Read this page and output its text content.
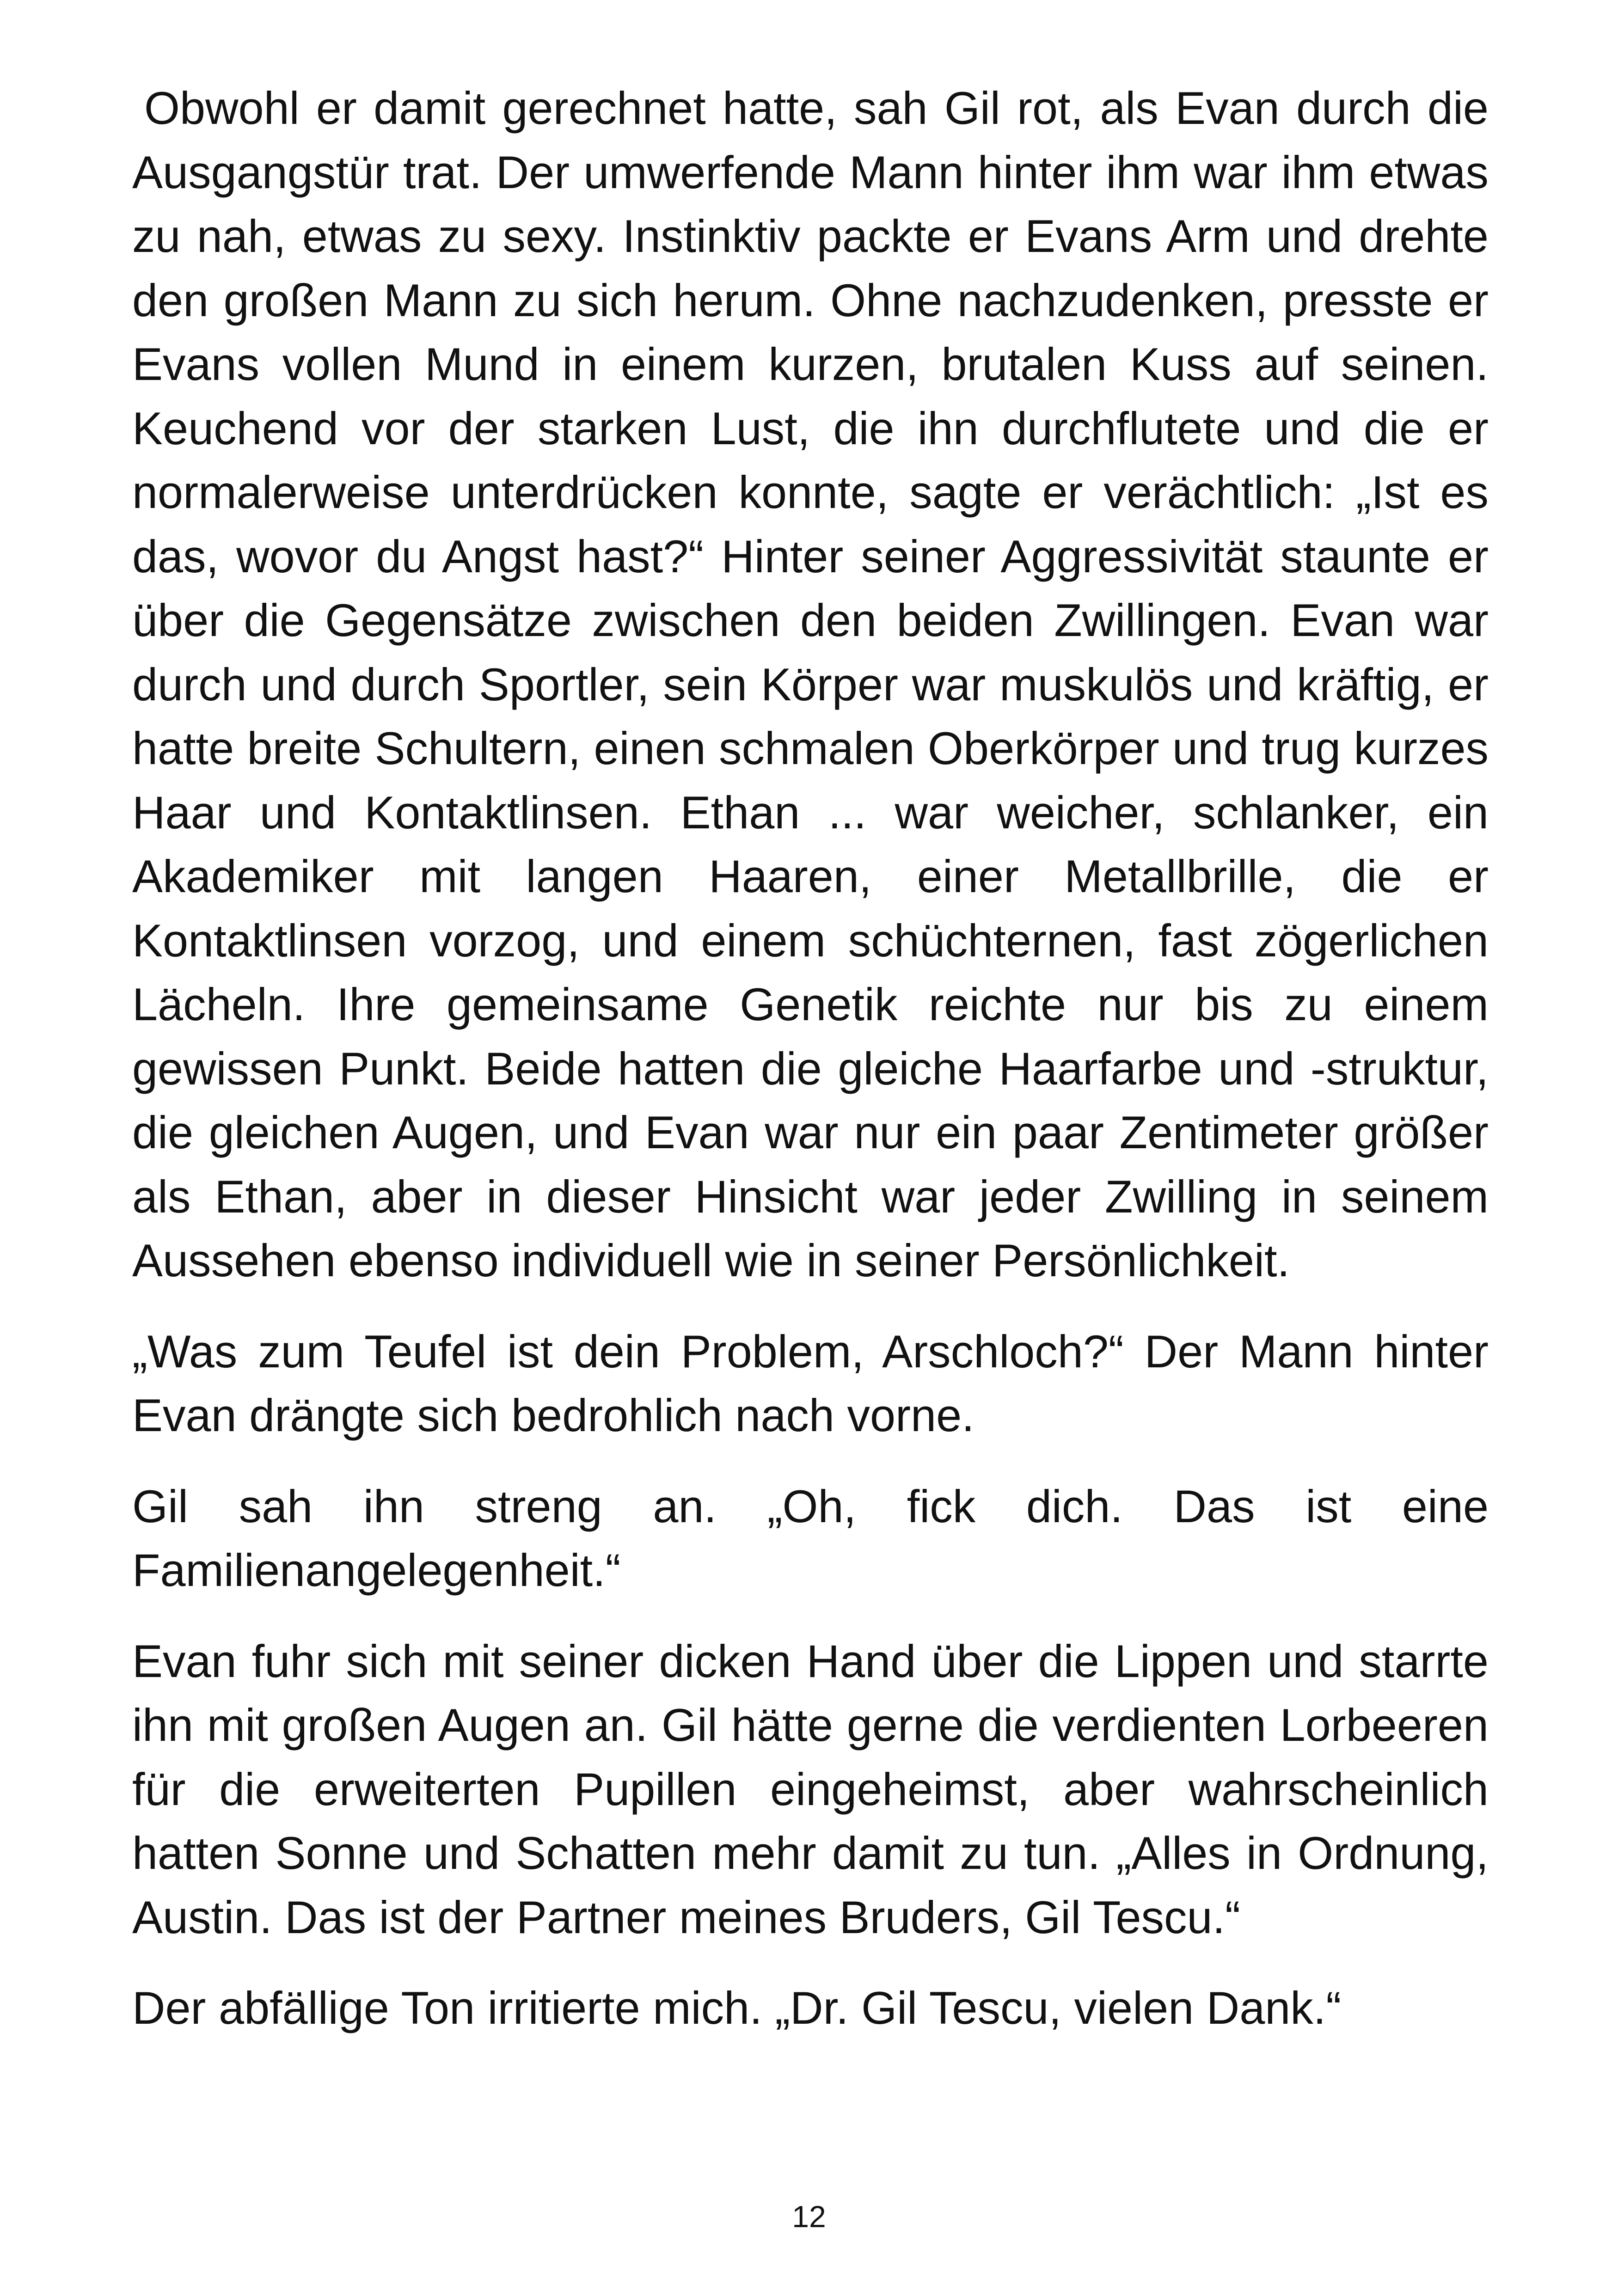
Obwohl er damit gerechnet hatte, sah Gil rot, als Evan durch die Ausgangstür trat. Der umwerfende Mann hinter ihm war ihm etwas zu nah, etwas zu sexy. Instinktiv packte er Evans Arm und drehte den großen Mann zu sich herum. Ohne nachzudenken, presste er Evans vollen Mund in einem kurzen, brutalen Kuss auf seinen. Keuchend vor der starken Lust, die ihn durchflutete und die er normalerweise unterdrücken konnte, sagte er verächtlich: „Ist es das, wovor du Angst hast?“ Hinter seiner Aggressivität staunte er über die Gegensätze zwischen den beiden Zwillingen. Evan war durch und durch Sportler, sein Körper war muskulös und kräftig, er hatte breite Schultern, einen schmalen Oberkörper und trug kurzes Haar und Kontaktlinsen. Ethan ... war weicher, schlanker, ein Akademiker mit langen Haaren, einer Metallbrille, die er Kontaktlinsen vorzog, und einem schüchternen, fast zögerlichen Lächeln. Ihre gemeinsame Genetik reichte nur bis zu einem gewissen Punkt. Beide hatten die gleiche Haarfarbe und -struktur, die gleichen Augen, und Evan war nur ein paar Zentimeter größer als Ethan, aber in dieser Hinsicht war jeder Zwilling in seinem Aussehen ebenso individuell wie in seiner Persönlichkeit.

„Was zum Teufel ist dein Problem, Arschloch?“ Der Mann hinter Evan drängte sich bedrohlich nach vorne.

Gil sah ihn streng an. „Oh, fick dich. Das ist eine Familienangelegenheit.“

Evan fuhr sich mit seiner dicken Hand über die Lippen und starrte ihn mit großen Augen an. Gil hätte gerne die verdienten Lorbeeren für die erweiterten Pupillen eingeheimst, aber wahrscheinlich hatten Sonne und Schatten mehr damit zu tun. „Alles in Ordnung, Austin. Das ist der Partner meines Bruders, Gil Tescu.“

Der abfällige Ton irritierte mich. „Dr. Gil Tescu, vielen Dank.“

12
